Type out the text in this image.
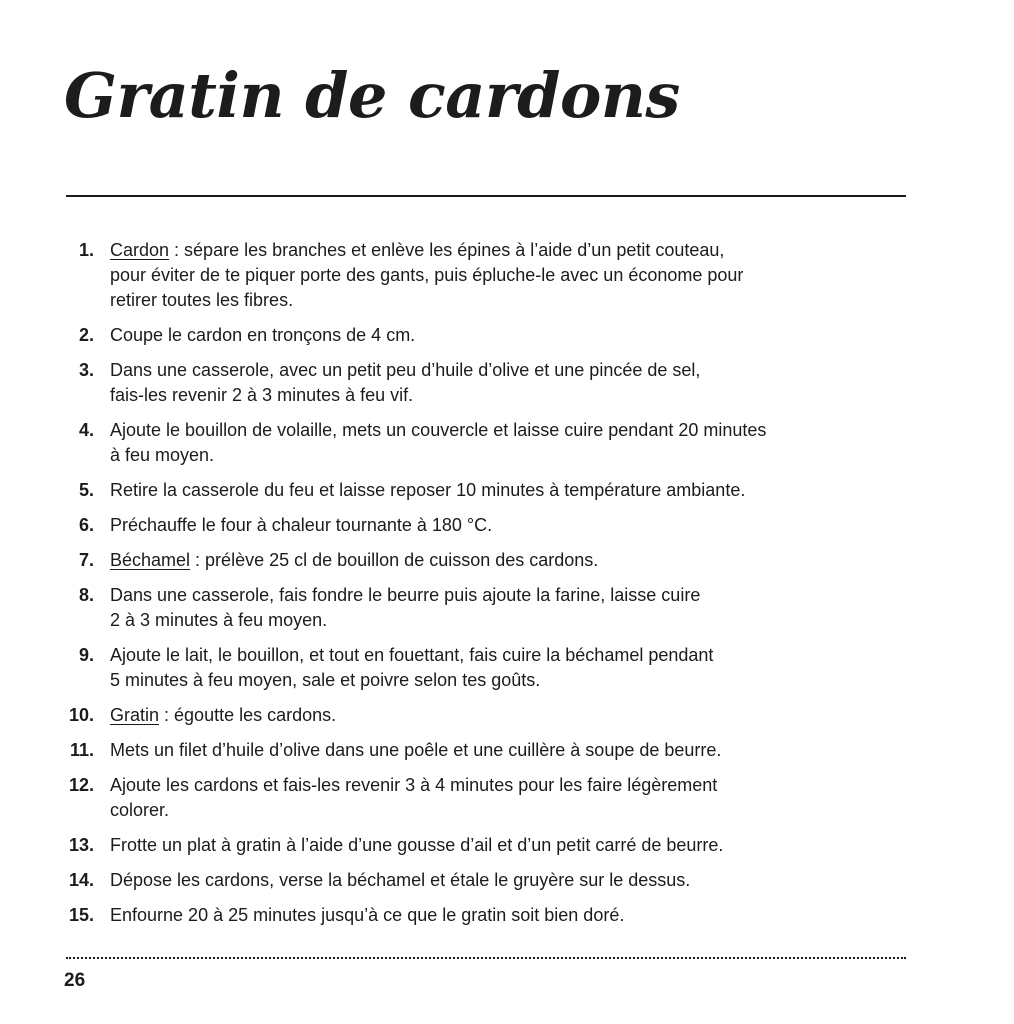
Gratin de cardons
1. Cardon : sépare les branches et enlève les épines à l’aide d’un petit couteau,
pour éviter de te piquer porte des gants, puis épluche-le avec un économe pour
retirer toutes les fibres.
2. Coupe le cardon en tronçons de 4 cm.
3. Dans une casserole, avec un petit peu d’huile d’olive et une pincée de sel,
fais-les revenir 2 à 3 minutes à feu vif.
4. Ajoute le bouillon de volaille, mets un couvercle et laisse cuire pendant 20 minutes
à feu moyen.
5. Retire la casserole du feu et laisse reposer 10 minutes à température ambiante.
6. Préchauffe le four à chaleur tournante à 180 °C.
7. Béchamel : prélève 25 cl de bouillon de cuisson des cardons.
8. Dans une casserole, fais fondre le beurre puis ajoute la farine, laisse cuire
2 à 3 minutes à feu moyen.
9. Ajoute le lait, le bouillon, et tout en fouettant, fais cuire la béchamel pendant
5 minutes à feu moyen, sale et poivre selon tes goûts.
10. Gratin : égoutte les cardons.
11. Mets un filet d’huile d’olive dans une poêle et une cuillère à soupe de beurre.
12. Ajoute les cardons et fais-les revenir 3 à 4 minutes pour les faire légèrement
colorer.
13. Frotte un plat à gratin à l’aide d’une gousse d’ail et d’un petit carré de beurre.
14. Dépose les cardons, verse la béchamel et étale le gruyère sur le dessus.
15. Enfourne 20 à 25 minutes jusqu’à ce que le gratin soit bien doré.
26
